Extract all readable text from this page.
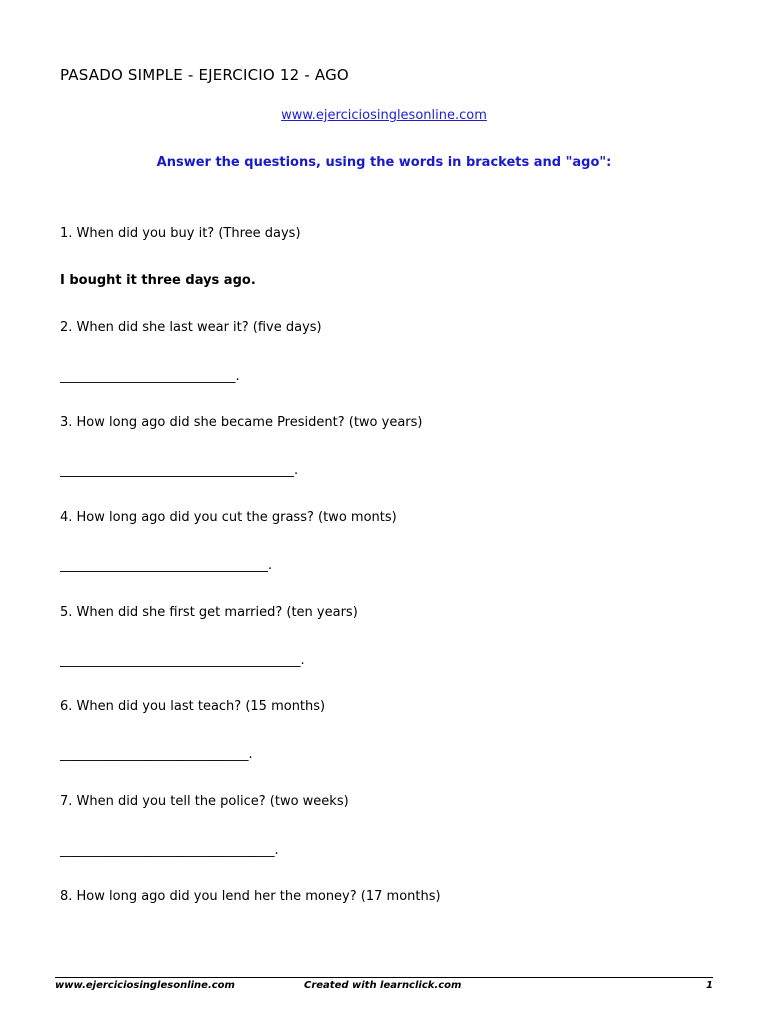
PASADO SIMPLE - EJERCICIO 12 - AGO
www.ejerciciosinglesonline.com
Answer the questions, using the words in brackets and "ago":
1. When did you buy it? (Three days)
I bought it three days ago.
2. When did she last wear it? (five days)
___________________________.
3. How long ago did she became President? (two years)
____________________________________.
4. How long ago did you cut the grass? (two monts)
________________________________.
5. When did she first get married? (ten years)
_____________________________________.
6. When did you last teach? (15 months)
_____________________________.
7. When did you tell the police? (two weeks)
_________________________________.
8. How long ago did you lend her the money? (17 months)
www.ejerciciosinglesonline.com	Created with learnclick.com	1
